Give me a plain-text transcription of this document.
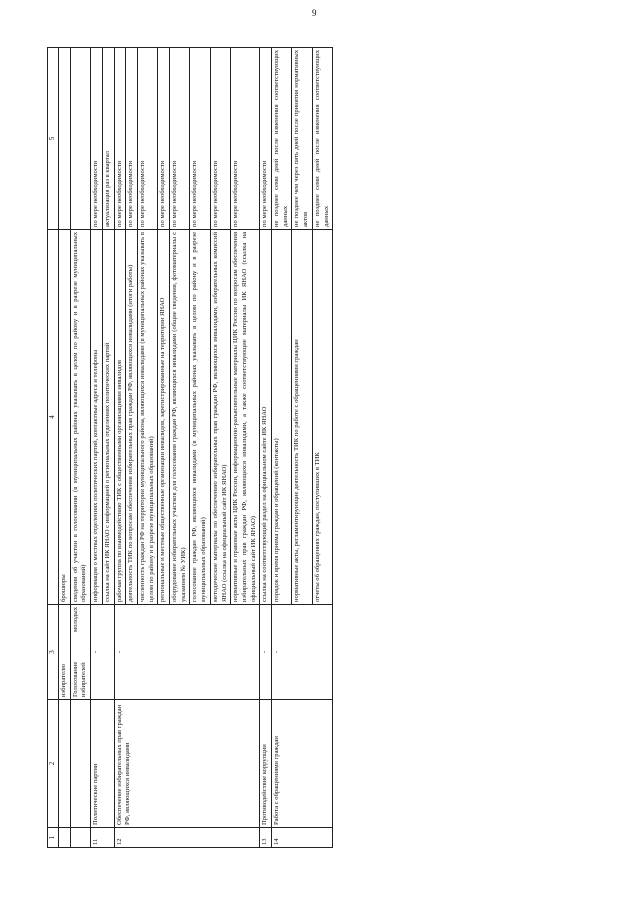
9
1	2	3	4	5
		избирателю	брошюры	
		Голосование молодых избирателей	сведения об участии в голосовании (в муниципальных районах указывать в целом по району и в разрезе муниципальных образований)	
11	Политические партии	-	информация о местных отделениях политических партий, контактные адреса и телефоны	по мере необходимости
			ссылка на сайт ИК ЯНАО с информацией о региональных отделениях политических партий	актуализация раз в квартал
12	Обеспечение избирательных прав граждан РФ, являющихся инвалидами	-	рабочая группа по взаимодействию ТИК с общественными организациями инвалидов	по мере необходимости
			деятельность ТИК по вопросам обеспечения избирательных прав граждан РФ, являющихся инвалидами (итоги работы)	по мере необходимости
			численность граждан РФ на территории муниципального района, являющихся инвалидами (в муниципальных районах указывать в целом по району и в разрезе муниципальных образований)	по мере необходимости
			региональные и местные общественные организации инвалидов, зарегистрированные на территории ЯНАО	по мере необходимости
			оборудование избирательных участков для голосования граждан РФ, являющихся инвалидами (общие сведения, фотоматериалы с указанием № УИК)	по мере необходимости
			голосование граждан РФ, являющихся инвалидами (в муниципальных районах указывать в целом по району и в разрезе муниципальных образований)	по мере необходимости
			методические материалы по обеспечению избирательных прав граждан РФ, являющихся инвалидами, избирательных комиссий ЯНАО (ссылка на официальный сайт ИК ЯНАО)	по мере необходимости
			нормативные и правовые акты ЦИК России, информационно-разъяснительные материалы ЦИК России по вопросам обеспечения избирательных прав граждан РФ, являющихся инвалидами, а также соответствующие материалы ИК ЯНАО (ссылка на официальный сайт ИК ЯНАО)	по мере необходимости
13	Противодействие коррупции	-	ссылка на соответствующий раздел на официальном сайте ИК ЯНАО	по мере необходимости
14	Работа с обращениями граждан	-	порядок и время приема граждан и обращений (контакты)	не позднее семи дней после изменения соответствующих данных
			нормативные акты, регламентирующие деятельность ТИК по работе с обращениями граждан	не позднее чем через пять дней после принятия нормативных актов
			отчеты об обращениях граждан, поступивших в ТИК	не позднее семи дней после изменения соответствующих данных
